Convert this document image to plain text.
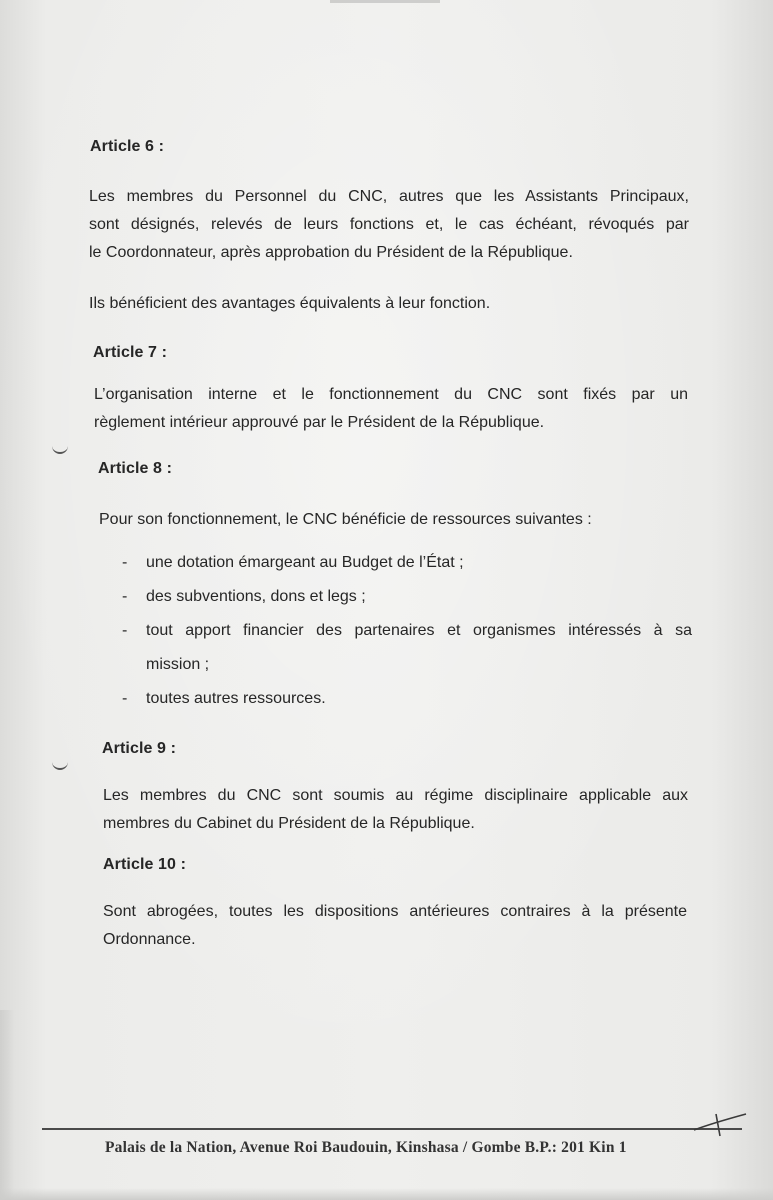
Article 6 :

Les membres du Personnel du CNC, autres que les Assistants Principaux,
sont désignés, relevés de leurs fonctions et, le cas échéant, révoqués par
le Coordonnateur, après approbation du Président de la République.

Ils bénéficient des avantages équivalents à leur fonction.

Article 7 :

L’organisation interne et le fonctionnement du CNC sont fixés par un
règlement intérieur approuvé par le Président de la République.

Article 8 :

Pour son fonctionnement, le CNC bénéficie de ressources suivantes :

-	une dotation émargeant au Budget de l’État ;
-	des subventions, dons et legs ;
-	tout apport financier des partenaires et organismes intéressés à sa
mission ;
-	toutes autres ressources.
Article 9 :

Les membres du CNC sont soumis au régime disciplinaire applicable aux
membres du Cabinet du Président de la République.

Article 10 :

Sont abrogées, toutes les dispositions antérieures contraires à la présente
Ordonnance.

Palais de la Nation, Avenue Roi Baudouin, Kinshasa / Gombe B.P.: 201 Kin 1
